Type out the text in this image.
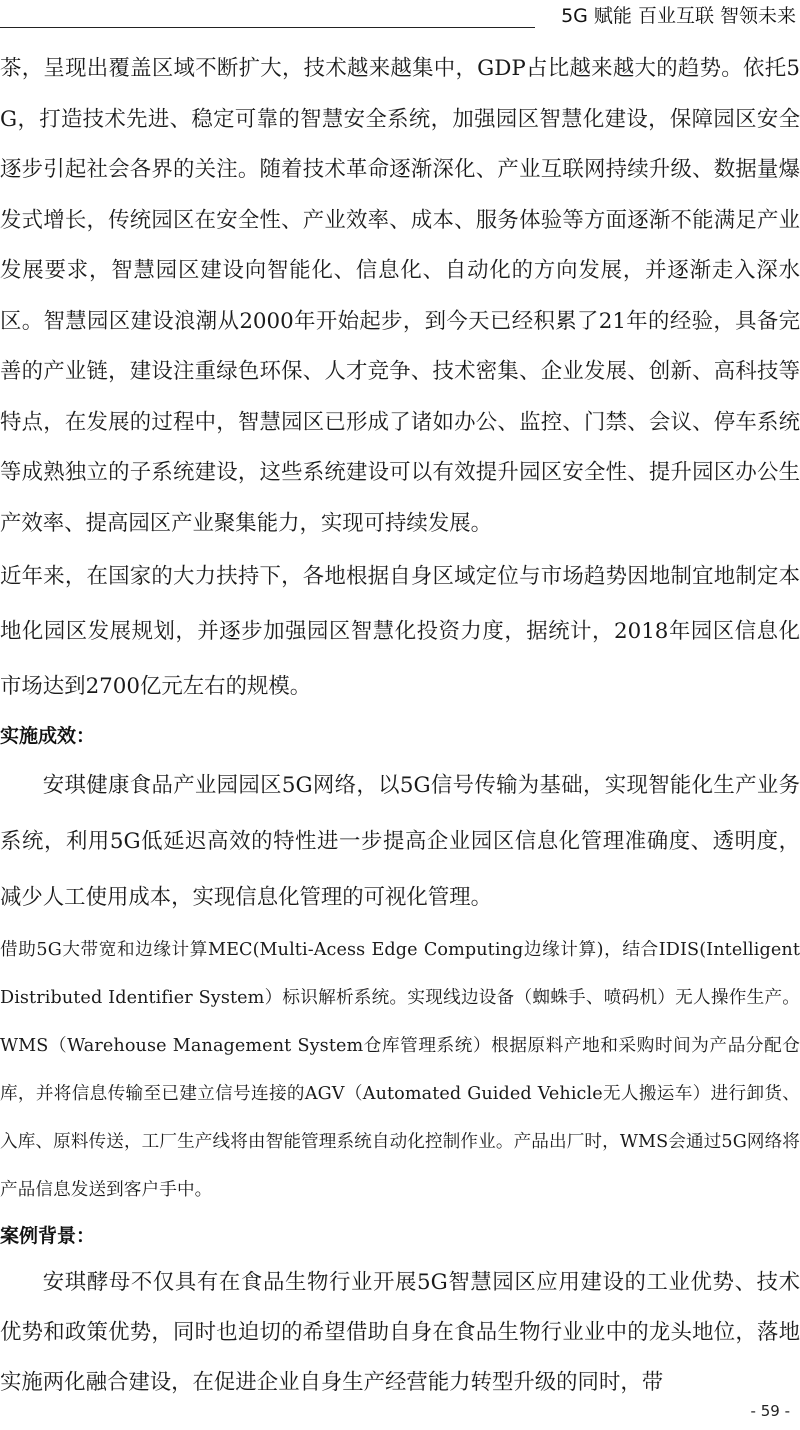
5G 赋能 百业互联 智领未来

茶，呈现出覆盖区域不断扩大，技术越来越集中，GDP占比越来越大的趋势。依托5G，打造技术先进、稳定可靠的智慧安全系统，加强园区智慧化建设，保障园区安全逐步引起社会各界的关注。随着技术革命逐渐深化、产业互联网持续升级、数据量爆发式增长，传统园区在安全性、产业效率、成本、服务体验等方面逐渐不能满足产业发展要求，智慧园区建设向智能化、信息化、自动化的方向发展，并逐渐走入深水区。智慧园区建设浪潮从2000年开始起步，到今天已经积累了21年的经验，具备完善的产业链，建设注重绿色环保、人才竞争、技术密集、企业发展、创新、高科技等特点，在发展的过程中，智慧园区已形成了诸如办公、监控、门禁、会议、停车系统等成熟独立的子系统建设，这些系统建设可以有效提升园区安全性、提升园区办公生产效率、提高园区产业聚集能力，实现可持续发展。

近年来，在国家的大力扶持下，各地根据自身区域定位与市场趋势因地制宜地制定本地化园区发展规划，并逐步加强园区智慧化投资力度，据统计，2018年园区信息化市场达到2700亿元左右的规模。

实施成效：

安琪健康食品产业园园区5G网络，以5G信号传输为基础，实现智能化生产业务系统，利用5G低延迟高效的特性进一步提高企业园区信息化管理准确度、透明度，减少人工使用成本，实现信息化管理的可视化管理。

借助5G大带宽和边缘计算MEC(Multi-Acess Edge Computing边缘计算)，结合IDIS(Intelligent Distributed Identifier System）标识解析系统。实现线边设备（蜘蛛手、喷码机）无人操作生产。WMS（Warehouse Management System仓库管理系统）根据原料产地和采购时间为产品分配仓库，并将信息传输至已建立信号连接的AGV（Automated Guided Vehicle无人搬运车）进行卸货、入库、原料传送，工厂生产线将由智能管理系统自动化控制作业。产品出厂时，WMS会通过5G网络将产品信息发送到客户手中。

案例背景：

安琪酵母不仅具有在食品生物行业开展5G智慧园区应用建设的工业优势、技术优势和政策优势，同时也迫切的希望借助自身在食品生物行业业中的龙头地位，落地实施两化融合建设，在促进企业自身生产经营能力转型升级的同时，带

- 59 -
